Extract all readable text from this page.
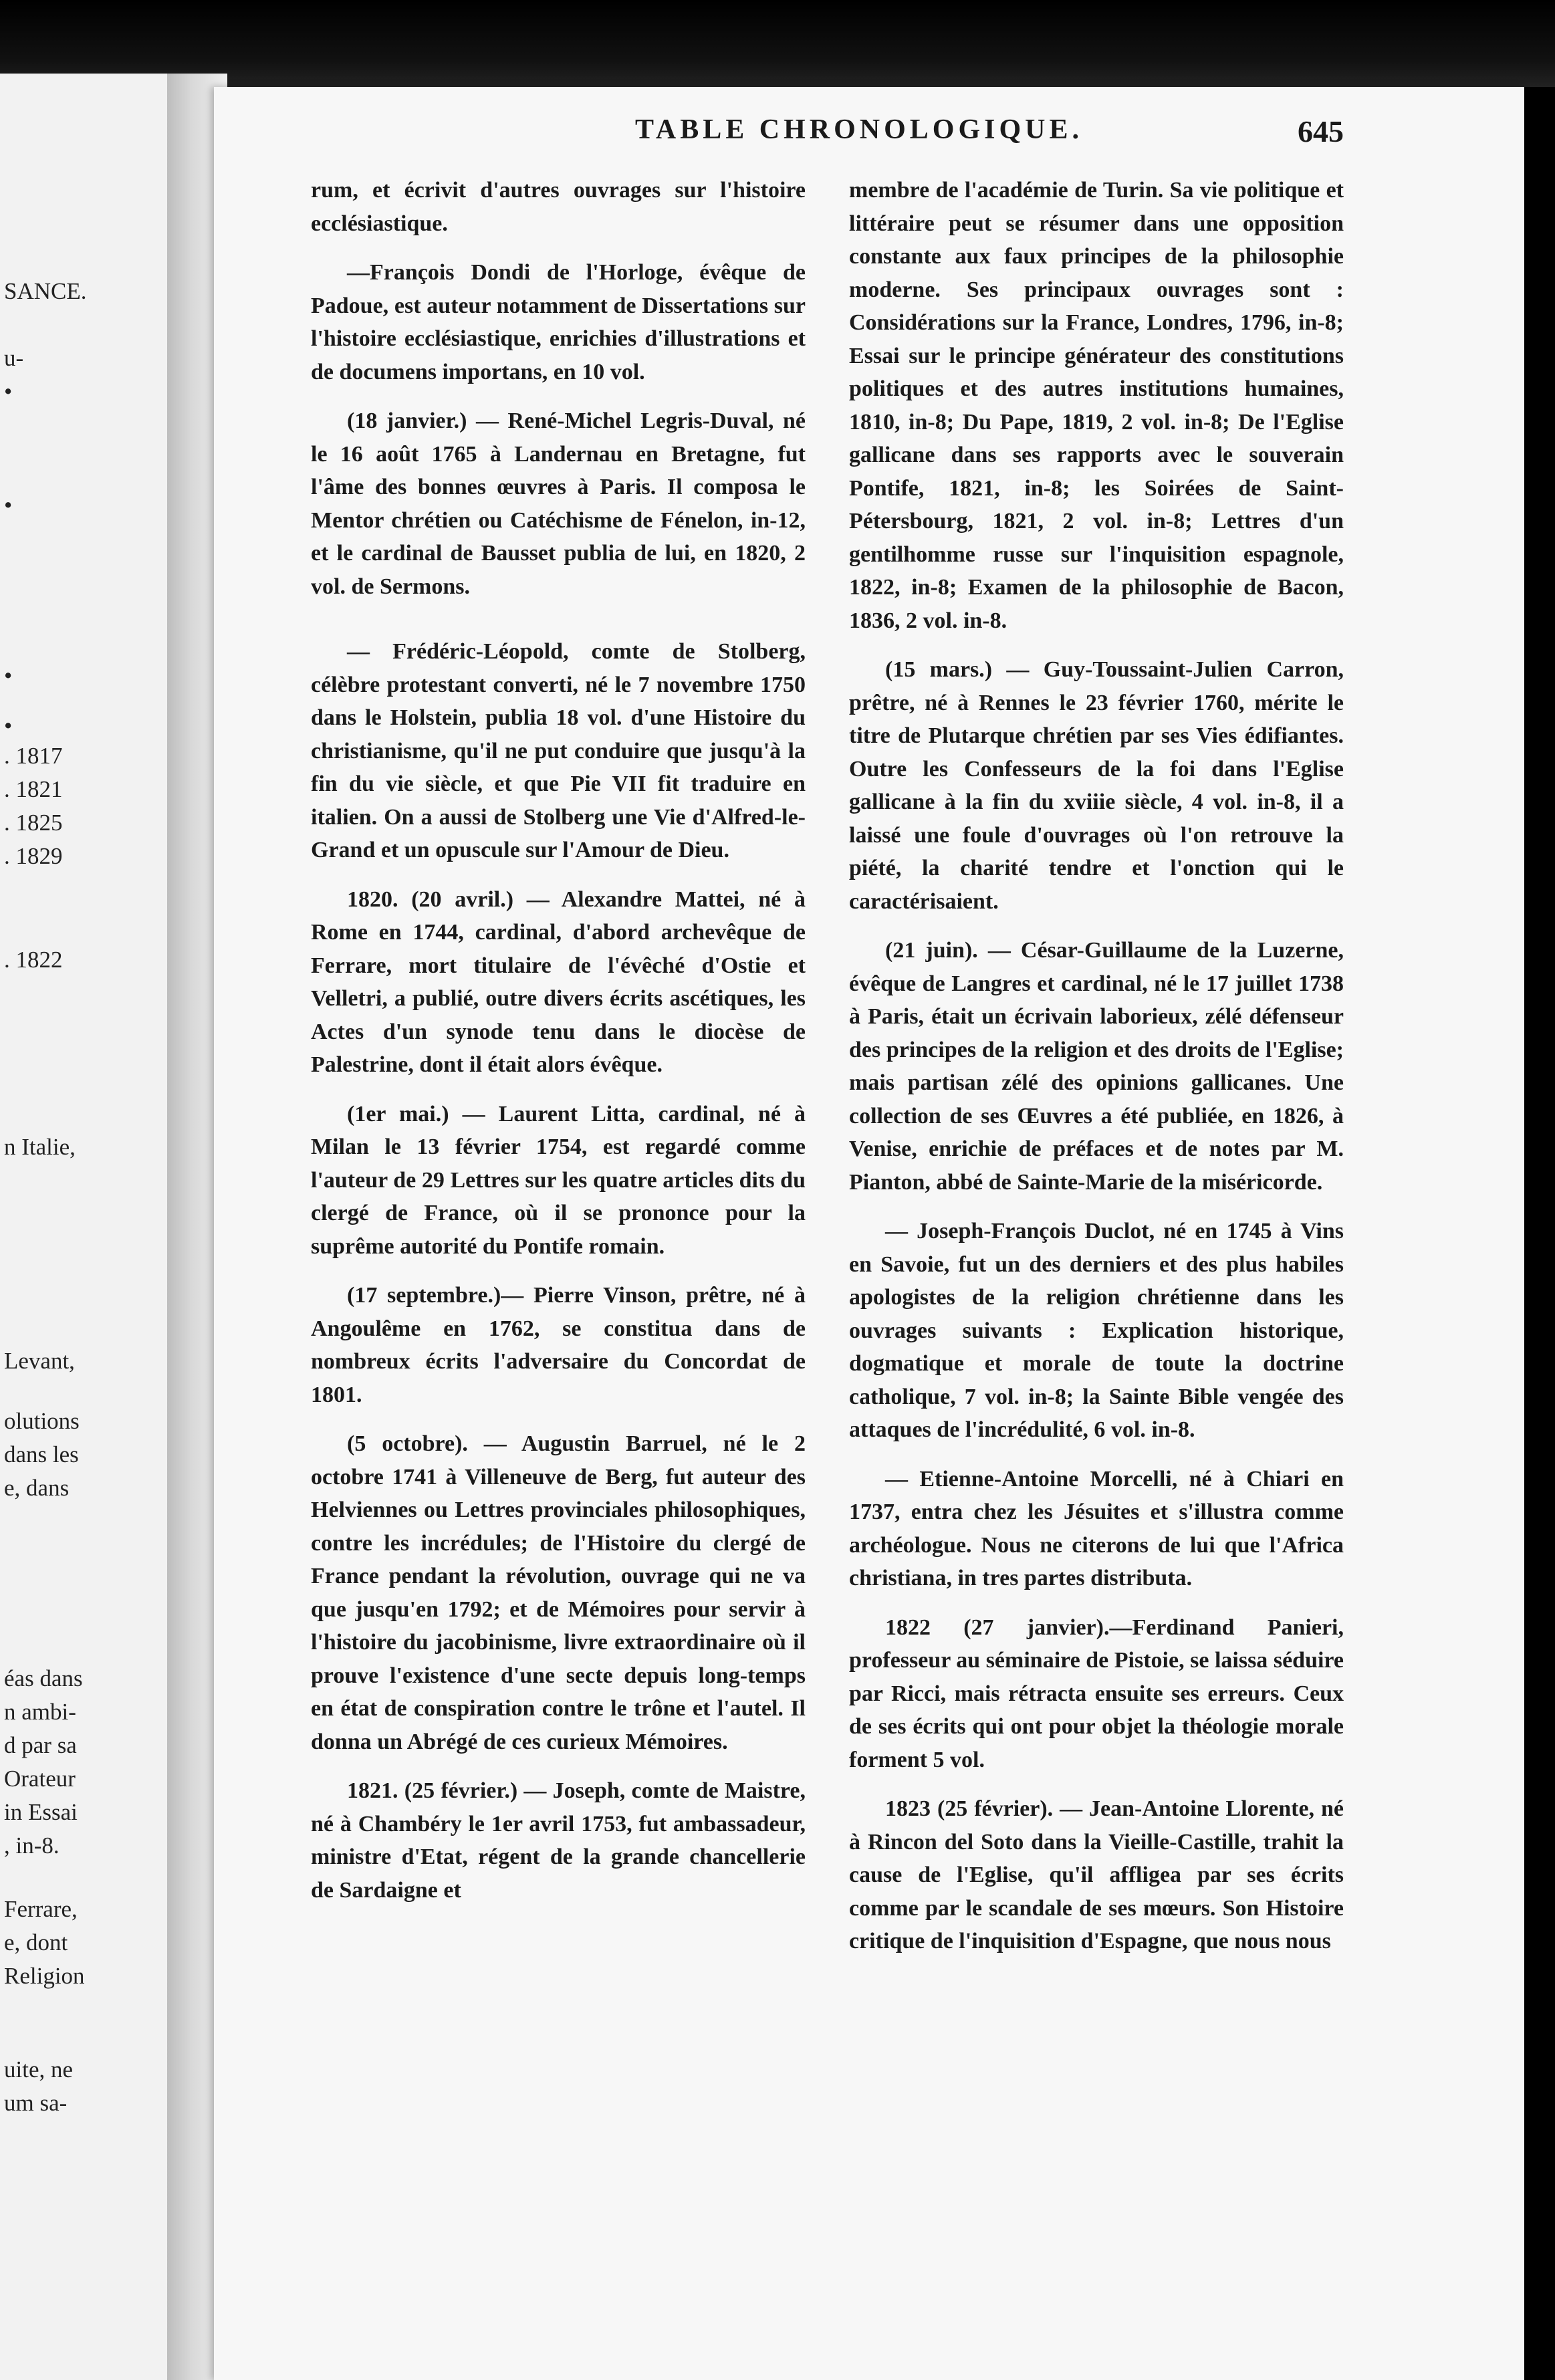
SANCE.
u-
•
•
•
•
. 1817
. 1821
. 1825
. 1829
. 1822
n Italie,
Levant,
olutions
dans les
e, dans
éas dans
n ambi-
d par sa
Orateur
in Essai
, in-8.
Ferrare,
e, dont
Religion
uite, ne
um sa-
TABLE CHRONOLOGIQUE.	645

rum, et écrivit d'autres ouvrages sur l'histoire ecclésiastique.

—François Dondi de l'Horloge, évêque de Padoue, est auteur notamment de Dissertations sur l'histoire ecclésiastique, enrichies d'illustrations et de documens importans, en 10 vol.

(18 janvier.) — René-Michel Legris-Duval, né le 16 août 1765 à Landernau en Bretagne, fut l'âme des bonnes œuvres à Paris. Il composa le Mentor chrétien ou Catéchisme de Fénelon, in-12, et le cardinal de Bausset publia de lui, en 1820, 2 vol. de Sermons.

— Frédéric-Léopold, comte de Stolberg, célèbre protestant converti, né le 7 novembre 1750 dans le Holstein, publia 18 vol. d'une Histoire du christianisme, qu'il ne put conduire que jusqu'à la fin du vie siècle, et que Pie VII fit traduire en italien. On a aussi de Stolberg une Vie d'Alfred-le-Grand et un opuscule sur l'Amour de Dieu.

1820. (20 avril.) — Alexandre Mattei, né à Rome en 1744, cardinal, d'abord archevêque de Ferrare, mort titulaire de l'évêché d'Ostie et Velletri, a publié, outre divers écrits ascétiques, les Actes d'un synode tenu dans le diocèse de Palestrine, dont il était alors évêque.

(1er mai.) — Laurent Litta, cardinal, né à Milan le 13 février 1754, est regardé comme l'auteur de 29 Lettres sur les quatre articles dits du clergé de France, où il se prononce pour la suprême autorité du Pontife romain.

(17 septembre.)— Pierre Vinson, prêtre, né à Angoulême en 1762, se constitua dans de nombreux écrits l'adversaire du Concordat de 1801.

(5 octobre). — Augustin Barruel, né le 2 octobre 1741 à Villeneuve de Berg, fut auteur des Helviennes ou Lettres provinciales philosophiques, contre les incrédules; de l'Histoire du clergé de France pendant la révolution, ouvrage qui ne va que jusqu'en 1792; et de Mémoires pour servir à l'histoire du jacobinisme, livre extraordinaire où il prouve l'existence d'une secte depuis long-temps en état de conspiration contre le trône et l'autel. Il donna un Abrégé de ces curieux Mémoires.

1821. (25 février.) — Joseph, comte de Maistre, né à Chambéry le 1er avril 1753, fut ambassadeur, ministre d'Etat, régent de la grande chancellerie de Sardaigne et

membre de l'académie de Turin. Sa vie politique et littéraire peut se résumer dans une opposition constante aux faux principes de la philosophie moderne. Ses principaux ouvrages sont : Considérations sur la France, Londres, 1796, in-8; Essai sur le principe générateur des constitutions politiques et des autres institutions humaines, 1810, in-8; Du Pape, 1819, 2 vol. in-8; De l'Eglise gallicane dans ses rapports avec le souverain Pontife, 1821, in-8; les Soirées de Saint-Pétersbourg, 1821, 2 vol. in-8; Lettres d'un gentilhomme russe sur l'inquisition espagnole, 1822, in-8; Examen de la philosophie de Bacon, 1836, 2 vol. in-8.

(15 mars.) — Guy-Toussaint-Julien Carron, prêtre, né à Rennes le 23 février 1760, mérite le titre de Plutarque chrétien par ses Vies édifiantes. Outre les Confesseurs de la foi dans l'Eglise gallicane à la fin du xviiie siècle, 4 vol. in-8, il a laissé une foule d'ouvrages où l'on retrouve la piété, la charité tendre et l'onction qui le caractérisaient.

(21 juin). — César-Guillaume de la Luzerne, évêque de Langres et cardinal, né le 17 juillet 1738 à Paris, était un écrivain laborieux, zélé défenseur des principes de la religion et des droits de l'Eglise; mais partisan zélé des opinions gallicanes. Une collection de ses Œuvres a été publiée, en 1826, à Venise, enrichie de préfaces et de notes par M. Pianton, abbé de Sainte-Marie de la miséricorde.

— Joseph-François Duclot, né en 1745 à Vins en Savoie, fut un des derniers et des plus habiles apologistes de la religion chrétienne dans les ouvrages suivants : Explication historique, dogmatique et morale de toute la doctrine catholique, 7 vol. in-8; la Sainte Bible vengée des attaques de l'incrédulité, 6 vol. in-8.

— Etienne-Antoine Morcelli, né à Chiari en 1737, entra chez les Jésuites et s'illustra comme archéologue. Nous ne citerons de lui que l'Africa christiana, in tres partes distributa.

1822 (27 janvier).—Ferdinand Panieri, professeur au séminaire de Pistoie, se laissa séduire par Ricci, mais rétracta ensuite ses erreurs. Ceux de ses écrits qui ont pour objet la théologie morale forment 5 vol.

1823 (25 février). — Jean-Antoine Llorente, né à Rincon del Soto dans la Vieille-Castille, trahit la cause de l'Eglise, qu'il affligea par ses écrits comme par le scandale de ses mœurs. Son Histoire critique de l'inquisition d'Espagne, que nous nous
